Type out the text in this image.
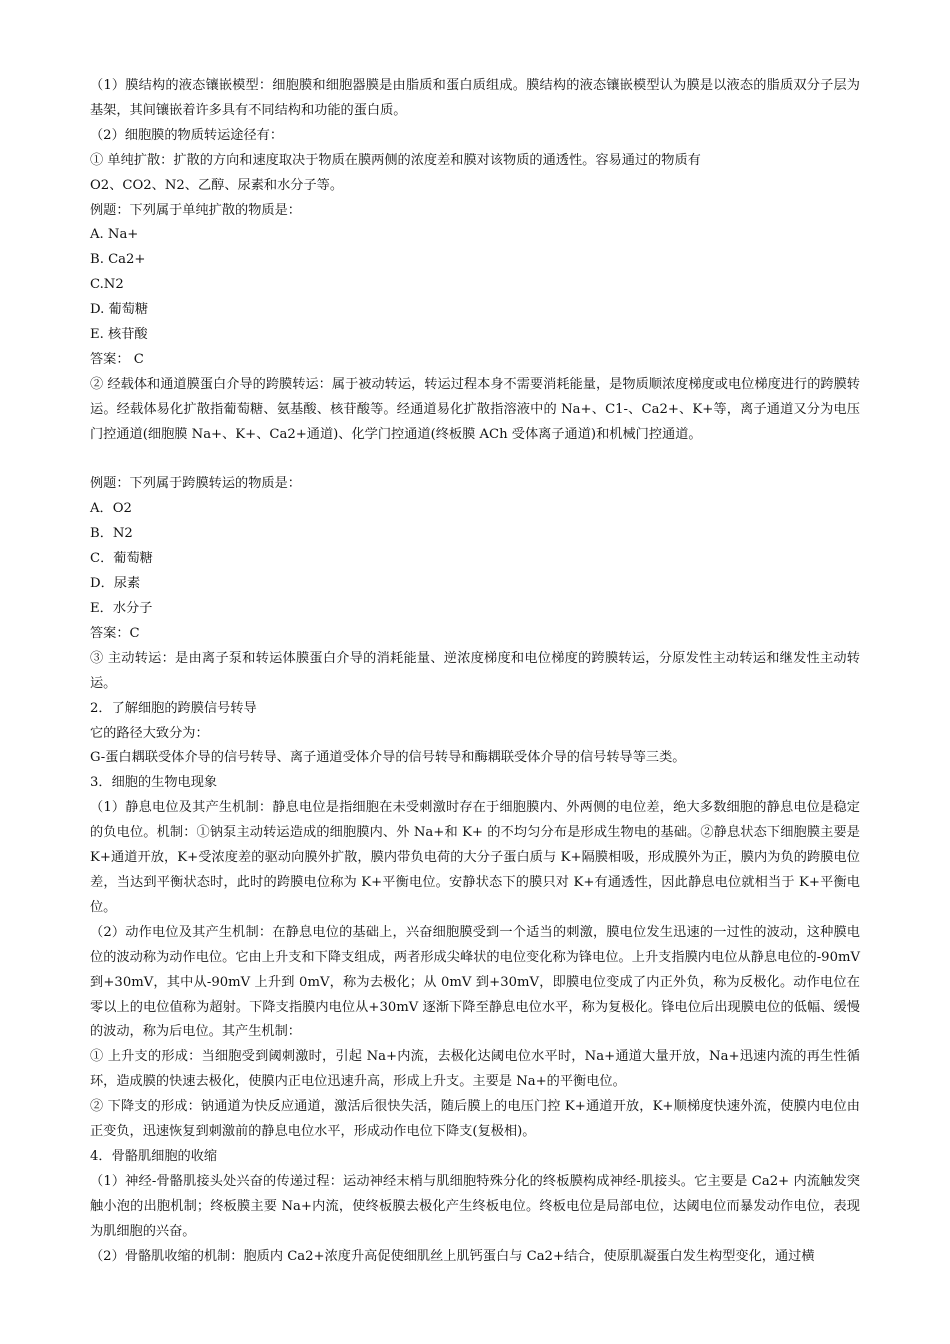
（1）膜结构的液态镶嵌模型：细胞膜和细胞器膜是由脂质和蛋白质组成。膜结构的液态镶嵌模型认为膜是以液态的脂质双分子层为基架，其间镶嵌着许多具有不同结构和功能的蛋白质。

（2）细胞膜的物质转运途径有：

① 单纯扩散：扩散的方向和速度取决于物质在膜两侧的浓度差和膜对该物质的通透性。容易通过的物质有

O2、CO2、N2、乙醇、尿素和水分子等。

例题：下列属于单纯扩散的物质是：

A. Na+

B. Ca2+

C.N2

D. 葡萄糖

E. 核苷酸

答案： C

② 经载体和通道膜蛋白介导的跨膜转运：属于被动转运，转运过程本身不需要消耗能量，是物质顺浓度梯度或电位梯度进行的跨膜转运。经载体易化扩散指葡萄糖、氨基酸、核苷酸等。经通道易化扩散指溶液中的 Na+、C1-、Ca2+、K+等，离子通道又分为电压门控通道(细胞膜 Na+、K+、Ca2+通道)、化学门控通道(终板膜 ACh 受体离子通道)和机械门控通道。

例题：下列属于跨膜转运的物质是：

A．O2

B．N2

C．葡萄糖

D．尿素

E．水分子

答案：C

③ 主动转运：是由离子泵和转运体膜蛋白介导的消耗能量、逆浓度梯度和电位梯度的跨膜转运，分原发性主动转运和继发性主动转运。

2．了解细胞的跨膜信号转导

它的路径大致分为：

G-蛋白耦联受体介导的信号转导、离子通道受体介导的信号转导和酶耦联受体介导的信号转导等三类。

3．细胞的生物电现象

（1）静息电位及其产生机制：静息电位是指细胞在未受刺激时存在于细胞膜内、外两侧的电位差，绝大多数细胞的静息电位是稳定的负电位。机制：①钠泵主动转运造成的细胞膜内、外 Na+和 K+ 的不均匀分布是形成生物电的基础。②静息状态下细胞膜主要是 K+通道开放，K+受浓度差的驱动向膜外扩散，膜内带负电荷的大分子蛋白质与 K+隔膜相吸，形成膜外为正，膜内为负的跨膜电位差，当达到平衡状态时，此时的跨膜电位称为 K+平衡电位。安静状态下的膜只对 K+有通透性，因此静息电位就相当于 K+平衡电位。

（2）动作电位及其产生机制：在静息电位的基础上，兴奋细胞膜受到一个适当的刺激，膜电位发生迅速的一过性的波动，这种膜电位的波动称为动作电位。它由上升支和下降支组成，两者形成尖峰状的电位变化称为锋电位。上升支指膜内电位从静息电位的-90mV 到+30mV，其中从-90mV 上升到 0mV，称为去极化；从 0mV 到+30mV，即膜电位变成了内正外负，称为反极化。动作电位在零以上的电位值称为超射。下降支指膜内电位从+30mV 逐渐下降至静息电位水平，称为复极化。锋电位后出现膜电位的低幅、缓慢的波动，称为后电位。其产生机制：

① 上升支的形成：当细胞受到阈刺激时，引起 Na+内流，去极化达阈电位水平时，Na+通道大量开放，Na+迅速内流的再生性循环，造成膜的快速去极化，使膜内正电位迅速升高，形成上升支。主要是 Na+的平衡电位。

② 下降支的形成：钠通道为快反应通道，激活后很快失活，随后膜上的电压门控 K+通道开放，K+顺梯度快速外流，使膜内电位由正变负，迅速恢复到刺激前的静息电位水平，形成动作电位下降支(复极相)。

4．骨骼肌细胞的收缩

（1）神经-骨骼肌接头处兴奋的传递过程：运动神经末梢与肌细胞特殊分化的终板膜构成神经-肌接头。它主要是 Ca2+ 内流触发突触小泡的出胞机制；终板膜主要 Na+内流，使终板膜去极化产生终板电位。终板电位是局部电位，达阈电位而暴发动作电位，表现为肌细胞的兴奋。

（2）骨骼肌收缩的机制：胞质内 Ca2+浓度升高促使细肌丝上肌钙蛋白与 Ca2+结合，使原肌凝蛋白发生构型变化，通过横
